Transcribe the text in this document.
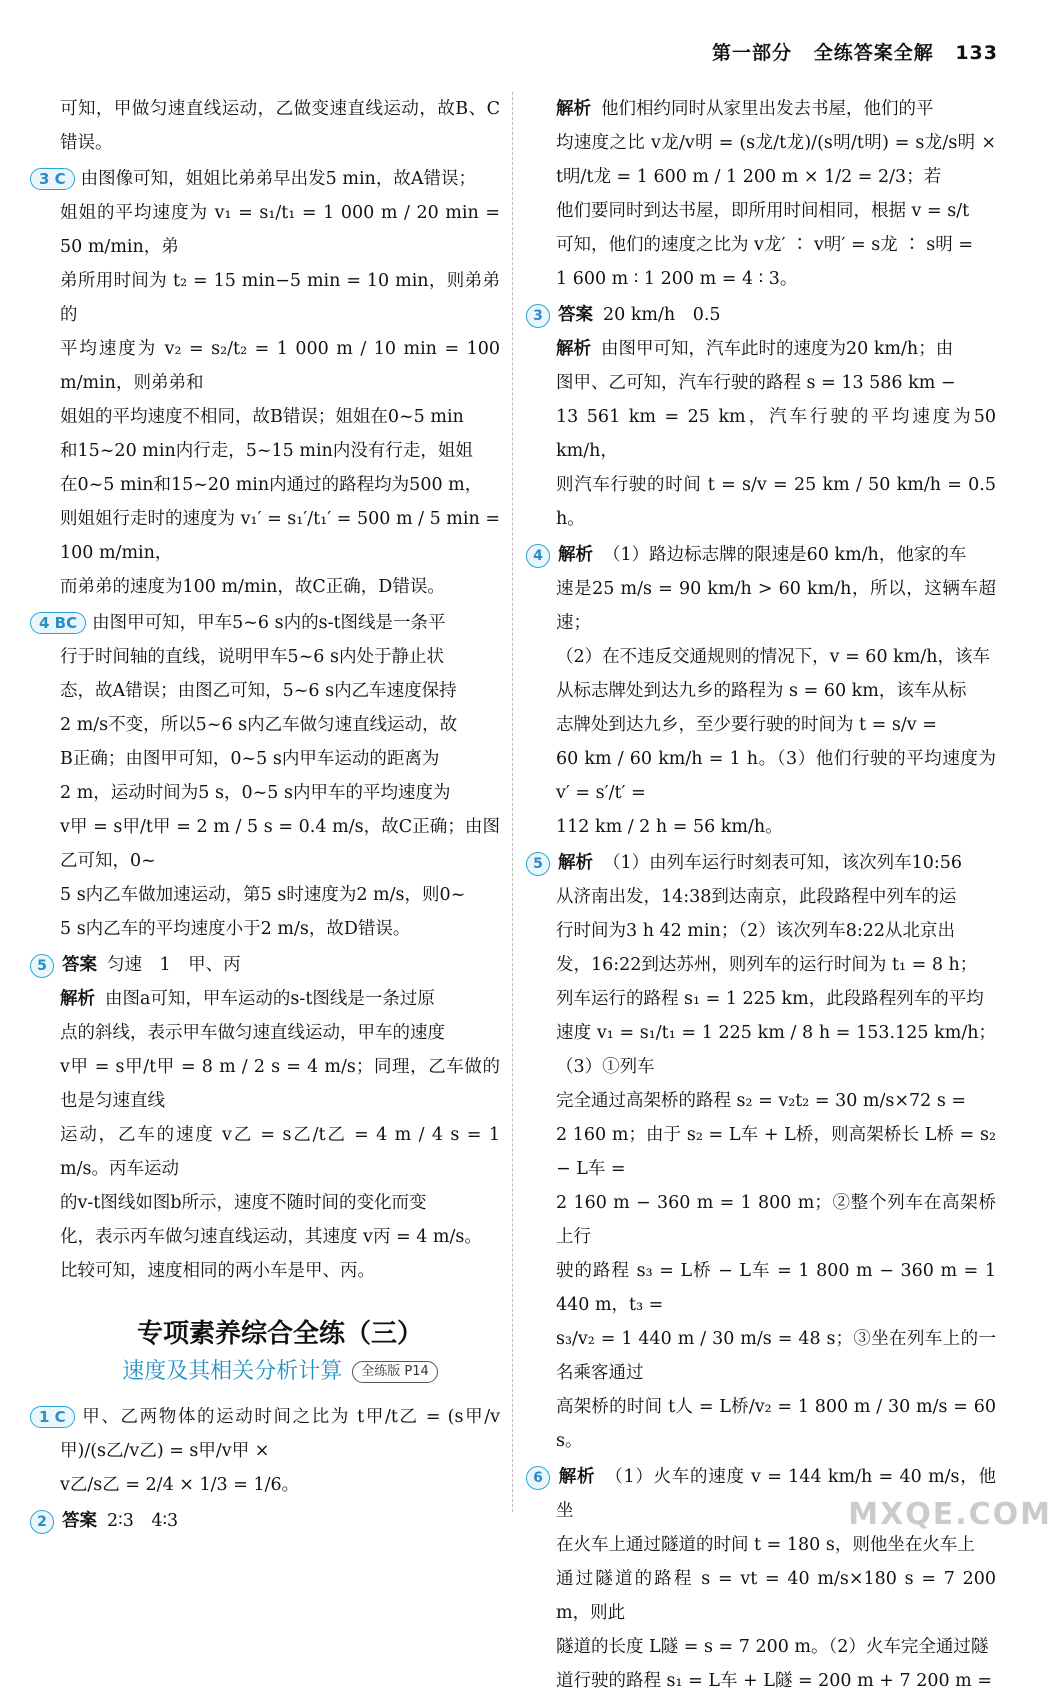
第一部分 全练答案全解 133

可知，甲做匀速直线运动，乙做变速直线运动，故B、C错误。

3 C 由图像可知，姐姐比弟弟早出发5 min，故A错误；

姐姐的平均速度为 v₁ = s₁/t₁ = 1 000 m / 20 min = 50 m/min，弟

弟所用时间为 t₂ = 15 min−5 min = 10 min，则弟弟的

平均速度为 v₂ = s₂/t₂ = 1 000 m / 10 min = 100 m/min，则弟弟和

姐姐的平均速度不相同，故B错误；姐姐在0~5 min

和15~20 min内行走，5~15 min内没有行走，姐姐

在0~5 min和15~20 min内通过的路程均为500 m，

则姐姐行走时的速度为 v₁′ = s₁′/t₁′ = 500 m / 5 min = 100 m/min，

而弟弟的速度为100 m/min，故C正确，D错误。

4 BC 由图甲可知，甲车5~6 s内的s-t图线是一条平

行于时间轴的直线，说明甲车5~6 s内处于静止状

态，故A错误；由图乙可知，5~6 s内乙车速度保持

2 m/s不变，所以5~6 s内乙车做匀速直线运动，故

B正确；由图甲可知，0~5 s内甲车运动的距离为

2 m，运动时间为5 s，0~5 s内甲车的平均速度为

v甲 = s甲/t甲 = 2 m / 5 s = 0.4 m/s，故C正确；由图乙可知，0~

5 s内乙车做加速运动，第5 s时速度为2 m/s，则0~

5 s内乙车的平均速度小于2 m/s，故D错误。

5 答案 匀速　1　甲、丙

解析 由图a可知，甲车运动的s-t图线是一条过原

点的斜线，表示甲车做匀速直线运动，甲车的速度

v甲 = s甲/t甲 = 8 m / 2 s = 4 m/s；同理，乙车做的也是匀速直线

运动，乙车的速度 v乙 = s乙/t乙 = 4 m / 4 s = 1 m/s。丙车运动

的v-t图线如图b所示，速度不随时间的变化而变

化，表示丙车做匀速直线运动，其速度 v丙 = 4 m/s。

比较可知，速度相同的两小车是甲、丙。

专项素养综合全练（三）
速度及其相关分析计算 全练版 P14

1 C 甲、乙两物体的运动时间之比为 t甲/t乙 = (s甲/v甲)/(s乙/v乙) = s甲/v甲 ×

v乙/s乙 = 2/4 × 1/3 = 1/6。

2 答案 2∶3　4∶3

解析 他们相约同时从家里出发去书屋，他们的平

均速度之比 v龙/v明 = (s龙/t龙)/(s明/t明) = s龙/s明 × t明/t龙 = 1 600 m / 1 200 m × 1/2 = 2/3；若

他们要同时到达书屋，即所用时间相同，根据 v = s/t

可知，他们的速度之比为 v龙′ ∶ v明′ = s龙 ∶ s明 =

1 600 m ∶ 1 200 m = 4 ∶ 3。

3 答案 20 km/h　0.5

解析 由图甲可知，汽车此时的速度为20 km/h；由

图甲、乙可知，汽车行驶的路程 s = 13 586 km −

13 561 km = 25 km，汽车行驶的平均速度为50 km/h，

则汽车行驶的时间 t = s/v = 25 km / 50 km/h = 0.5 h。

4 解析 （1）路边标志牌的限速是60 km/h，他家的车

速是25 m/s = 90 km/h > 60 km/h，所以，这辆车超速；

（2）在不违反交通规则的情况下，v = 60 km/h，该车

从标志牌处到达九乡的路程为 s = 60 km，该车从标

志牌处到达九乡，至少要行驶的时间为 t = s/v =

60 km / 60 km/h = 1 h。（3）他们行驶的平均速度为 v′ = s′/t′ =

112 km / 2 h = 56 km/h。

5 解析 （1）由列车运行时刻表可知，该次列车10:56

从济南出发，14:38到达南京，此段路程中列车的运

行时间为3 h 42 min；（2）该次列车8:22从北京出

发，16:22到达苏州，则列车的运行时间为 t₁ = 8 h；

列车运行的路程 s₁ = 1 225 km，此段路程列车的平均

速度 v₁ = s₁/t₁ = 1 225 km / 8 h = 153.125 km/h；（3）①列车

完全通过高架桥的路程 s₂ = v₂t₂ = 30 m/s×72 s =

2 160 m；由于 s₂ = L车 + L桥，则高架桥长 L桥 = s₂ − L车 =

2 160 m − 360 m = 1 800 m；②整个列车在高架桥上行

驶的路程 s₃ = L桥 − L车 = 1 800 m − 360 m = 1 440 m，t₃ =

s₃/v₂ = 1 440 m / 30 m/s = 48 s；③坐在列车上的一名乘客通过

高架桥的时间 t人 = L桥/v₂ = 1 800 m / 30 m/s = 60 s。

6 解析 （1）火车的速度 v = 144 km/h = 40 m/s，他坐

在火车上通过隧道的时间 t = 180 s，则他坐在火车上

通过隧道的路程 s = vt = 40 m/s×180 s = 7 200 m，则此

隧道的长度 L隧 = s = 7 200 m。（2）火车完全通过隧

道行驶的路程 s₁ = L车 + L隧 = 200 m + 7 200 m =

MXQE.COM
